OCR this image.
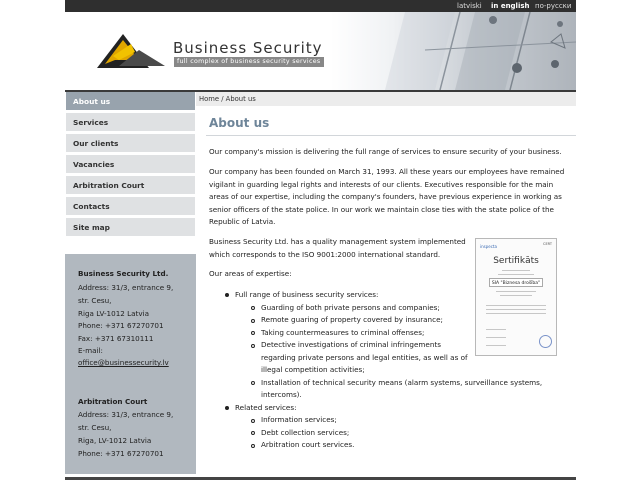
latviski in english по-русски
Business Security
full complex of business security services
About us
Services
Our clients
Vacancies
Arbitration Court
Contacts
Site map
Business Security Ltd.
Address: 31/3, entrance 9,
str. Cesu,
Riga LV-1012 Latvia
Phone: +371 67270701
Fax: +371 67310111
E-mail:
office@businessecurity.lv
Arbitration Court
Address: 31/3, entrance 9,
str. Cesu,
Riga, LV-1012 Latvia
Phone: +371 67270701
Home / About us
About us
Our company's mission is delivering the full range of services to ensure security of your business.
Our company has been founded on March 31, 1993. All these years our employees have remained
vigilant in guarding legal rights and interests of our clients. Executives responsible for the main
areas of our expertise, including the company's founders, have previous experience in working as
senior officers of the state police. In our work we maintain close ties with the state police of the
Republic of Latvia.
Business Security Ltd. has a quality management system implemented
which corresponds to the ISO 9001:2000 international standard.
Our areas of expertise:
Full range of business security services:
Guarding of both private persons and companies;
Remote guaring of property covered by insurance;
Taking countermeasures to criminal offenses;
Detective investigations of criminal infringements
regarding private persons and legal entities, as well as of
illegal competition activities;
Installation of technical security means (alarm systems, surveillance systems,
intercoms).
Related services:
Information services;
Debt collection services;
Arbitration court services.
inspecta	CERT
Sertifikāts
SIA "Biznesa drošība"
